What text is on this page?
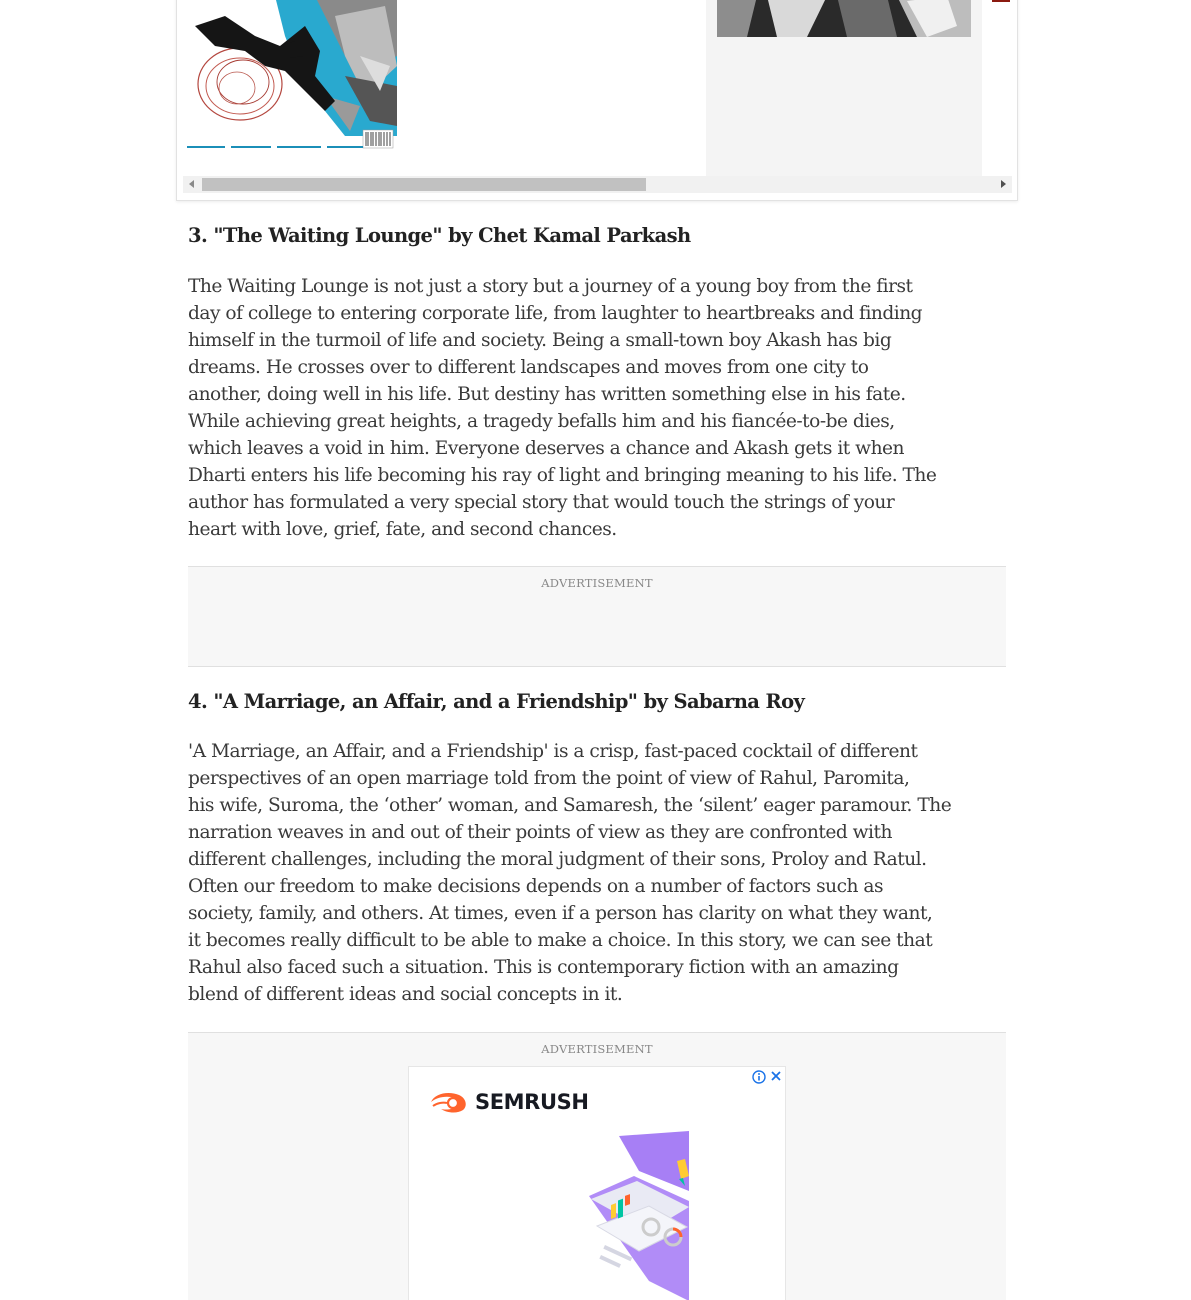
3. "The Waiting Lounge" by Chet Kamal Parkash
The Waiting Lounge is not just a story but a journey of a young boy from the first
day of college to entering corporate life, from laughter to heartbreaks and finding
himself in the turmoil of life and society. Being a small-town boy Akash has big
dreams. He crosses over to different landscapes and moves from one city to
another, doing well in his life. But destiny has written something else in his fate.
While achieving great heights, a tragedy befalls him and his fiancée-to-be dies,
which leaves a void in him. Everyone deserves a chance and Akash gets it when
Dharti enters his life becoming his ray of light and bringing meaning to his life. The
author has formulated a very special story that would touch the strings of your
heart with love, grief, fate, and second chances.
ADVERTISEMENT
4. "A Marriage, an Affair, and a Friendship" by Sabarna Roy
'A Marriage, an Affair, and a Friendship' is a crisp, fast-paced cocktail of different
perspectives of an open marriage told from the point of view of Rahul, Paromita,
his wife, Suroma, the ‘other’ woman, and Samaresh, the ‘silent’ eager paramour. The
narration weaves in and out of their points of view as they are confronted with
different challenges, including the moral judgment of their sons, Proloy and Ratul.
Often our freedom to make decisions depends on a number of factors such as
society, family, and others. At times, even if a person has clarity on what they want,
it becomes really difficult to be able to make a choice. In this story, we can see that
Rahul also faced such a situation. This is contemporary fiction with an amazing
blend of different ideas and social concepts in it.
ADVERTISEMENT
SEMRUSH
